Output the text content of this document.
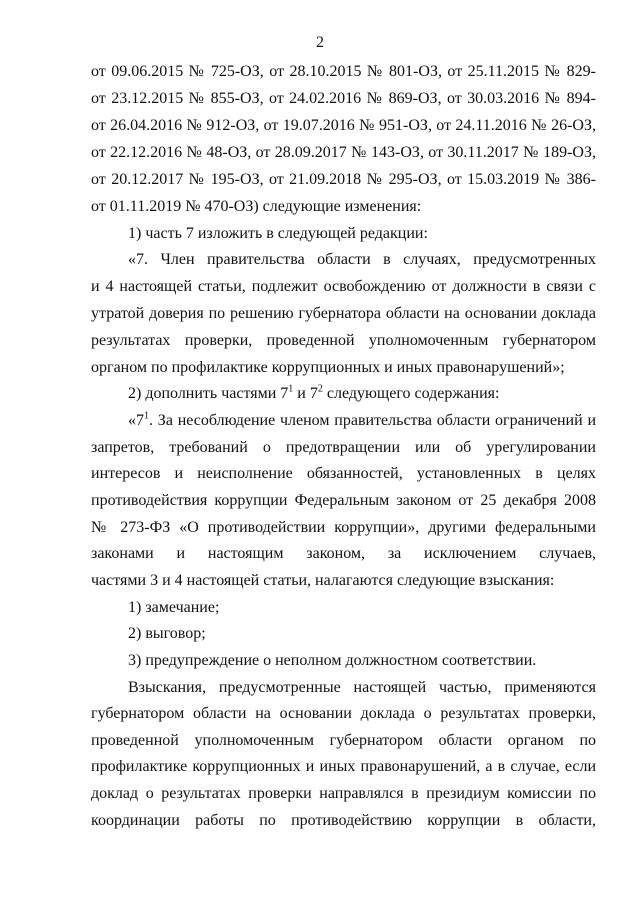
2
от 09.06.2015 № 725-ОЗ, от 28.10.2015 № 801-ОЗ, от 25.11.2015 № 829-
от 23.12.2015 № 855-ОЗ, от 24.02.2016 № 869-ОЗ, от 30.03.2016 № 894-
от 26.04.2016 № 912-ОЗ, от 19.07.2016 № 951-ОЗ, от 24.11.2016 № 26-ОЗ,
от 22.12.2016 № 48-ОЗ, от 28.09.2017 № 143-ОЗ, от 30.11.2017 № 189-ОЗ,
от 20.12.2017 № 195-ОЗ, от 21.09.2018 № 295-ОЗ, от 15.03.2019 № 386-
от 01.11.2019 № 470-ОЗ) следующие изменения:
1) часть 7 изложить в следующей редакции:
«7. Член правительства области в случаях, предусмотренных
и 4 настоящей статьи, подлежит освобождению от должности в связи с
утратой доверия по решению губернатора области на основании доклада
результатах проверки, проведенной уполномоченным губернатором
органом по профилактике коррупционных и иных правонарушений»;
2) дополнить частями $7^1$ и $7^2$ следующего содержания:
«$7^1$. За несоблюдение членом правительства области ограничений и
запретов, требований о предотвращении или об урегулировании
интересов и неисполнение обязанностей, установленных в целях
противодействия коррупции Федеральным законом от 25 декабря 2008
№ 273-ФЗ «О противодействии коррупции», другими федеральными
законами и настоящим законом, за исключением случаев,
частями 3 и 4 настоящей статьи, налагаются следующие взыскания:
1) замечание;
2) выговор;
3) предупреждение о неполном должностном соответствии.
Взыскания, предусмотренные настоящей частью, применяются
губернатором области на основании доклада о результатах проверки,
проведенной уполномоченным губернатором области органом по
профилактике коррупционных и иных правонарушений, а в случае, если
доклад о результатах проверки направлялся в президиум комиссии по
координации работы по противодействию коррупции в области,
